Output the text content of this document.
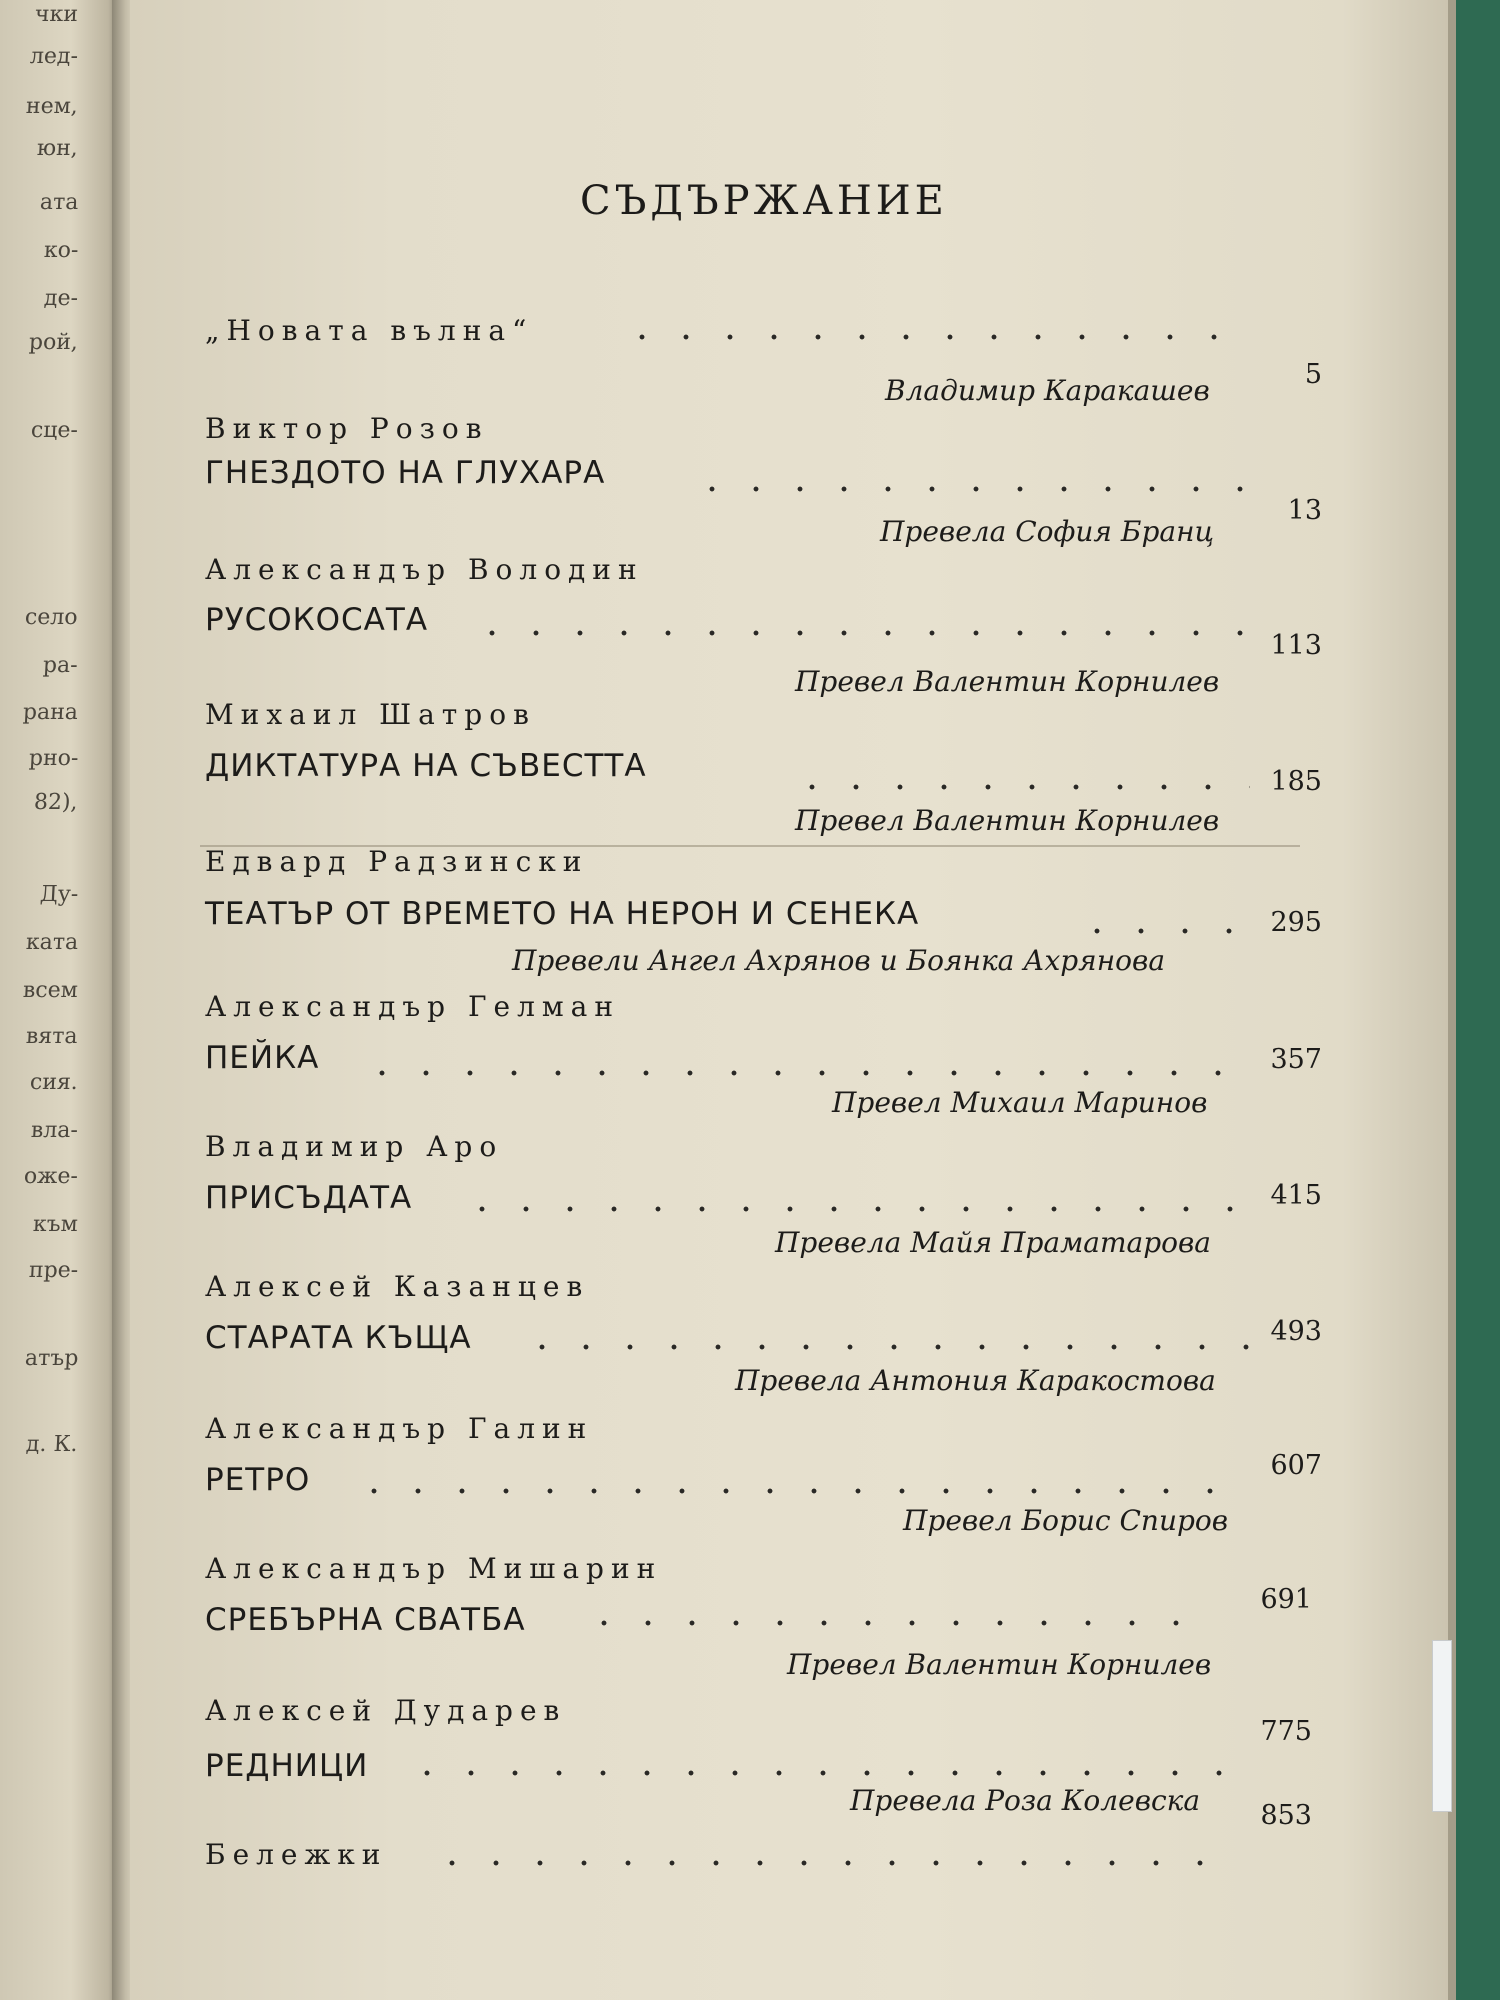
чки
лед-
нем,
юн,
ата
ко-
де-
рой,
сце-
село
ра-
рана
рно-
82),
Ду-
ката
всем
вята
сия.
вла-
оже-
към
пре-
атър
д. К.
СЪДЪРЖАНИЕ
„Новата вълна“
Владимир Каракашев	5
Виктор Розов
ГНЕЗДОТО НА ГЛУХАРА
Превела София Бранц
13
Александър Володин
РУСОКОСАТА
Превел Валентин Корнилев
113
Михаил Шатров
ДИКТАТУРА НА СЪВЕСТТА
Превел Валентин Корнилев
185
Едвард Радзински
ТЕАТЪР ОТ ВРЕМЕТО НА НЕРОН И СЕНЕКА
Превели Ангел Ахрянов и Боянка Ахрянова
295
Александър Гелман
ПЕЙКА
Превел Михаил Маринов
357
Владимир Аро
ПРИСЪДАТА
Превела Майя Праматарова
415
Алексей Казанцев
СТАРАТА КЪЩА
Превела Антония Каракостова
493
Александър Галин
РЕТРО
Превел Борис Спиров
607
Александър Мишарин
СРЕБЪРНА СВАТБА
Превел Валентин Корнилев
691
Алексей Дударев
РЕДНИЦИ
Превела Роза Колевска
775
Бележки
853
